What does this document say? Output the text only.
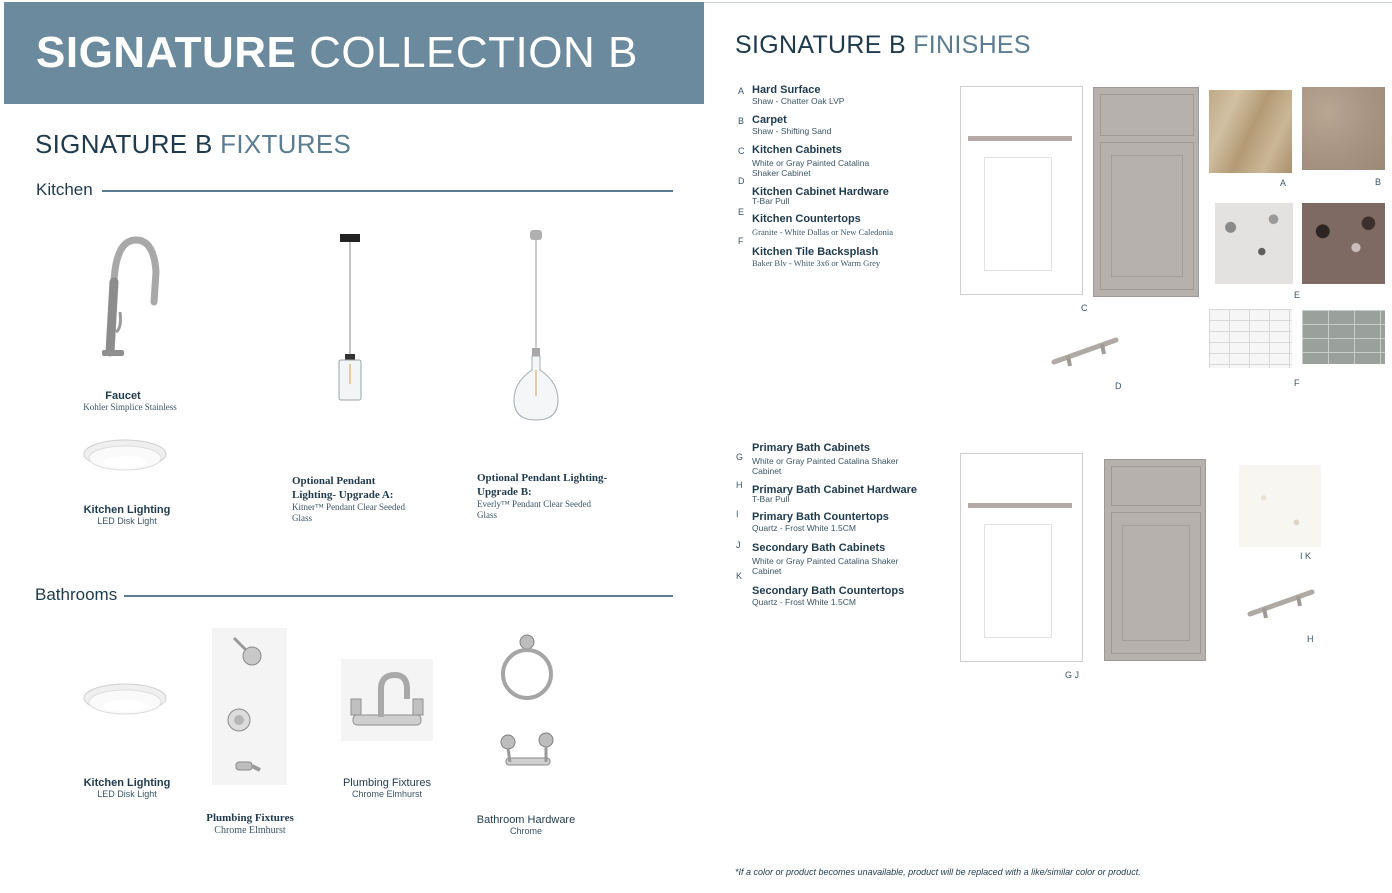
SIGNATURE COLLECTION B
SIGNATURE B FIXTURES
Kitchen
Faucet
Kohler Simplice Stainless
Kitchen Lighting
LED Disk Light
Optional Pendant
Lighting- Upgrade A:
Kitner™ Pendant Clear Seeded
Glass
Optional Pendant Lighting-
Upgrade B:
Everly™ Pendant Clear Seeded
Glass
Bathrooms
Kitchen Lighting
LED Disk Light
Plumbing Fixtures
Chrome Elmhurst
Plumbing Fixtures
Chrome Elmhurst
Bathroom Hardware
Chrome
SIGNATURE B FINISHES
A Hard Surface
Shaw - Chatter Oak LVP
B Carpet
Shaw - Shifting Sand
C Kitchen Cabinets
White or Gray Painted Catalina
Shaker Cabinet
D
Kitchen Cabinet Hardware
T-Bar Pull
E
Kitchen Countertops
Granite - White Dallas or New Caledonia
F
Kitchen Tile Backsplash
Baker Blv - White 3x6 or Warm Grey
C
D
A	B
E
F
G
Primary Bath Cabinets
White or Gray Painted Catalina Shaker
Cabinet
H Primary Bath Cabinet Hardware
T-Bar Pull
I Primary Bath Countertops
Quartz - Frost White 1.5CM
J Secondary Bath Cabinets
White or Gray Painted Catalina Shaker
Cabinet
K
Secondary Bath Countertops
Quartz - Frost White 1.5CM
G J
I K
H
*If a color or product becomes unavailable, product will be replaced with a like/similar color or product.
